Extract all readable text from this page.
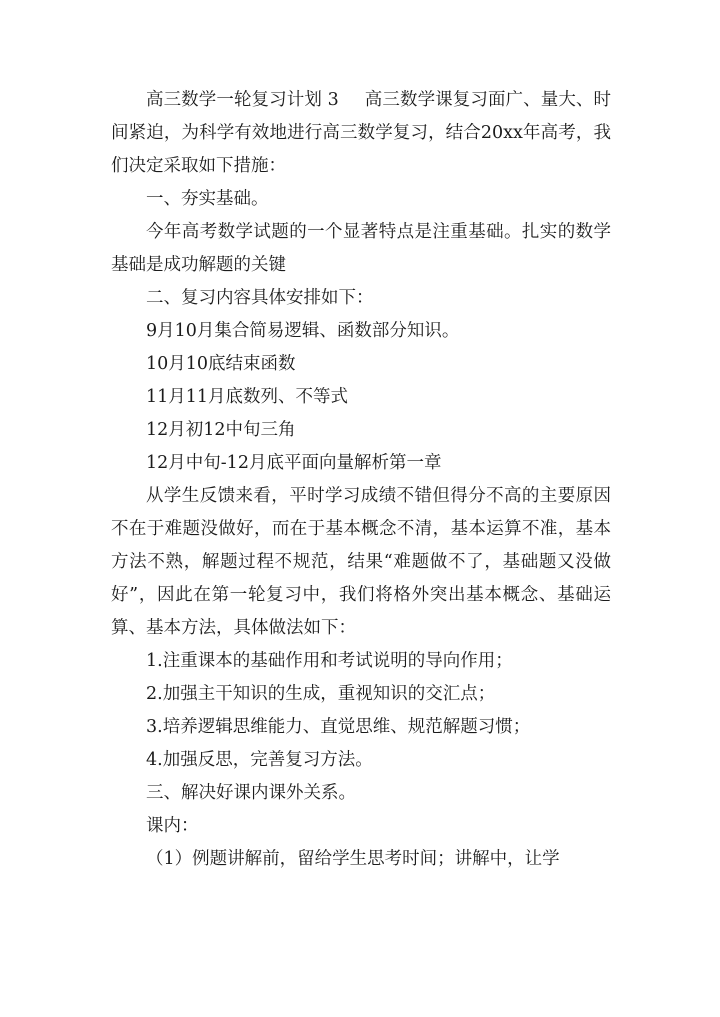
高三数学一轮复习计划 3 高三数学课复习面广、量大、时间紧迫，为科学有效地进行高三数学复习，结合20xx年高考，我们决定采取如下措施：

一、夯实基础。

今年高考数学试题的一个显著特点是注重基础。扎实的数学基础是成功解题的关键

二、复习内容具体安排如下：

9月10月集合简易逻辑、函数部分知识。

10月10底结束函数

11月11月底数列、不等式

12月初12中旬三角

12月中旬-12月底平面向量解析第一章

从学生反馈来看，平时学习成绩不错但得分不高的主要原因不在于难题没做好，而在于基本概念不清，基本运算不准，基本方法不熟，解题过程不规范，结果“难题做不了，基础题又没做好”，因此在第一轮复习中，我们将格外突出基本概念、基础运算、基本方法，具体做法如下：

1.注重课本的基础作用和考试说明的导向作用；

2.加强主干知识的生成，重视知识的交汇点；

3.培养逻辑思维能力、直觉思维、规范解题习惯；

4.加强反思，完善复习方法。

三、解决好课内课外关系。

课内：

（1）例题讲解前，留给学生思考时间；讲解中，让学
